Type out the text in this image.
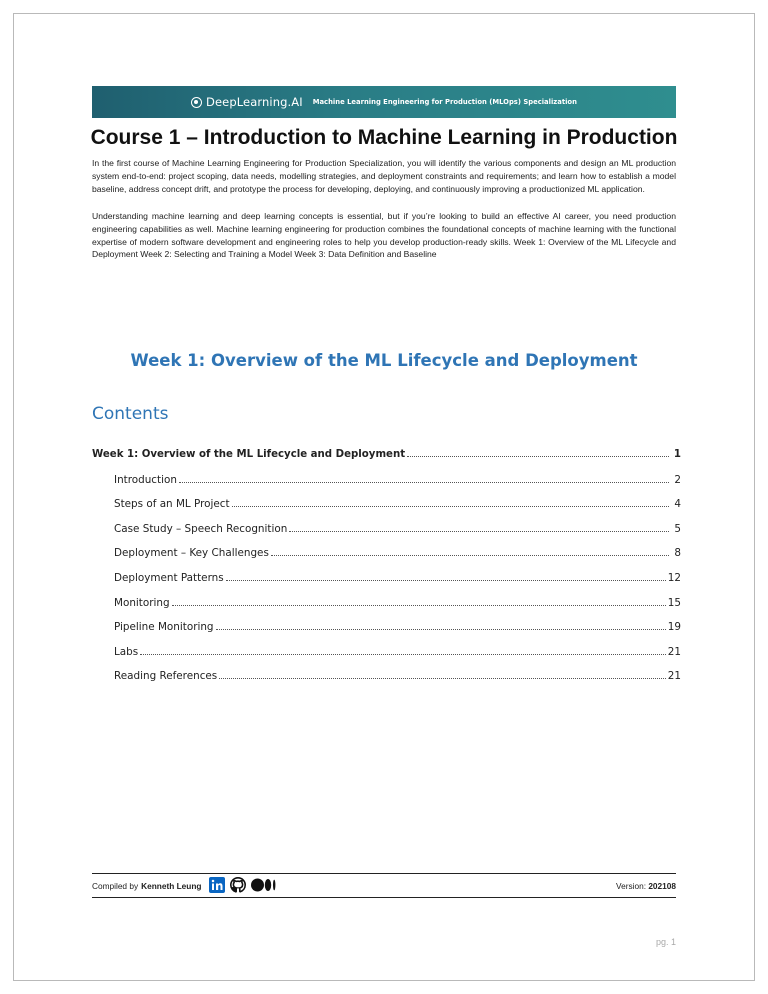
DeepLearning.AI Machine Learning Engineering for Production (MLOps) Specialization
Course 1 – Introduction to Machine Learning in Production
In the first course of Machine Learning Engineering for Production Specialization, you will identify the various components and design an ML production system end-to-end: project scoping, data needs, modelling strategies, and deployment constraints and requirements; and learn how to establish a model baseline, address concept drift, and prototype the process for developing, deploying, and continuously improving a productionized ML application.
Understanding machine learning and deep learning concepts is essential, but if you’re looking to build an effective AI career, you need production engineering capabilities as well. Machine learning engineering for production combines the foundational concepts of machine learning with the functional expertise of modern software development and engineering roles to help you develop production-ready skills. Week 1: Overview of the ML Lifecycle and Deployment Week 2: Selecting and Training a Model Week 3: Data Definition and Baseline
Week 1: Overview of the ML Lifecycle and Deployment
Contents
Week 1: Overview of the ML Lifecycle and Deployment	1
Introduction	2
Steps of an ML Project	4
Case Study – Speech Recognition	5
Deployment – Key Challenges	8
Deployment Patterns	12
Monitoring	15
Pipeline Monitoring	19
Labs	21
Reading References	21
Compiled by Kenneth Leung	Version: 202108
pg. 1
